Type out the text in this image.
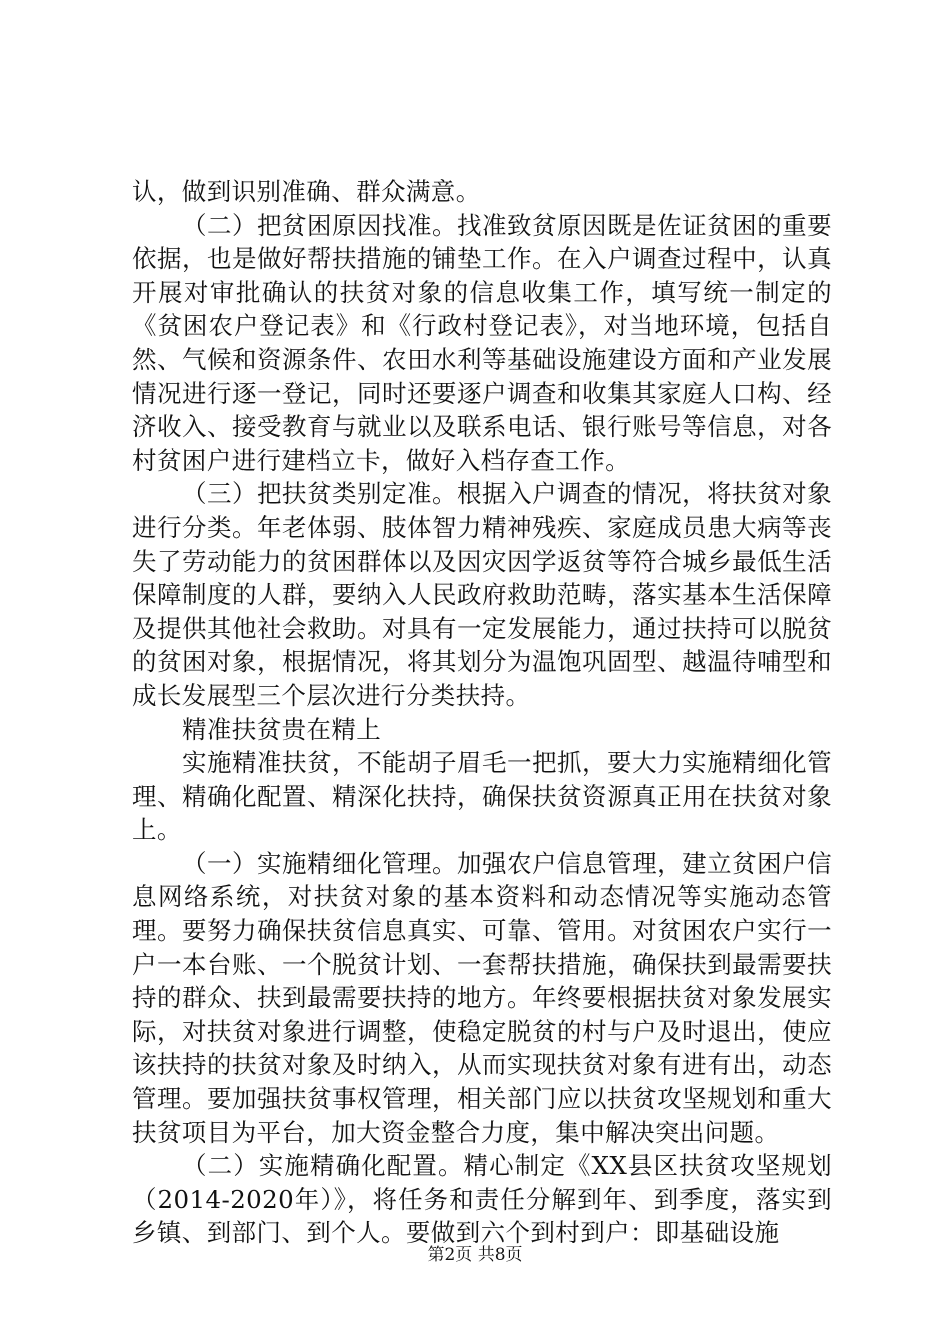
认，做到识别准确、群众满意。

（二）把贫困原因找准。找准致贫原因既是佐证贫困的重要依据，也是做好帮扶措施的铺垫工作。在入户调查过程中，认真开展对审批确认的扶贫对象的信息收集工作，填写统一制定的《贫困农户登记表》和《行政村登记表》，对当地环境，包括自然、气候和资源条件、农田水利等基础设施建设方面和产业发展情况进行逐一登记，同时还要逐户调查和收集其家庭人口构、经济收入、接受教育与就业以及联系电话、银行账号等信息，对各村贫困户进行建档立卡，做好入档存查工作。

（三）把扶贫类别定准。根据入户调查的情况，将扶贫对象进行分类。年老体弱、肢体智力精神残疾、家庭成员患大病等丧失了劳动能力的贫困群体以及因灾因学返贫等符合城乡最低生活保障制度的人群，要纳入人民政府救助范畴，落实基本生活保障及提供其他社会救助。对具有一定发展能力，通过扶持可以脱贫的贫困对象，根据情况，将其划分为温饱巩固型、越温待哺型和成长发展型三个层次进行分类扶持。

精准扶贫贵在精上

实施精准扶贫，不能胡子眉毛一把抓，要大力实施精细化管理、精确化配置、精深化扶持，确保扶贫资源真正用在扶贫对象上。

（一）实施精细化管理。加强农户信息管理，建立贫困户信息网络系统，对扶贫对象的基本资料和动态情况等实施动态管理。要努力确保扶贫信息真实、可靠、管用。对贫困农户实行一户一本台账、一个脱贫计划、一套帮扶措施，确保扶到最需要扶持的群众、扶到最需要扶持的地方。年终要根据扶贫对象发展实际，对扶贫对象进行调整，使稳定脱贫的村与户及时退出，使应该扶持的扶贫对象及时纳入，从而实现扶贫对象有进有出，动态管理。要加强扶贫事权管理，相关部门应以扶贫攻坚规划和重大扶贫项目为平台，加大资金整合力度，集中解决突出问题。

（二）实施精确化配置。精心制定《XX县区扶贫攻坚规划（2014-2020年）》，将任务和责任分解到年、到季度，落实到乡镇、到部门、到个人。要做到六个到村到户：即基础设施

第2页 共8页
